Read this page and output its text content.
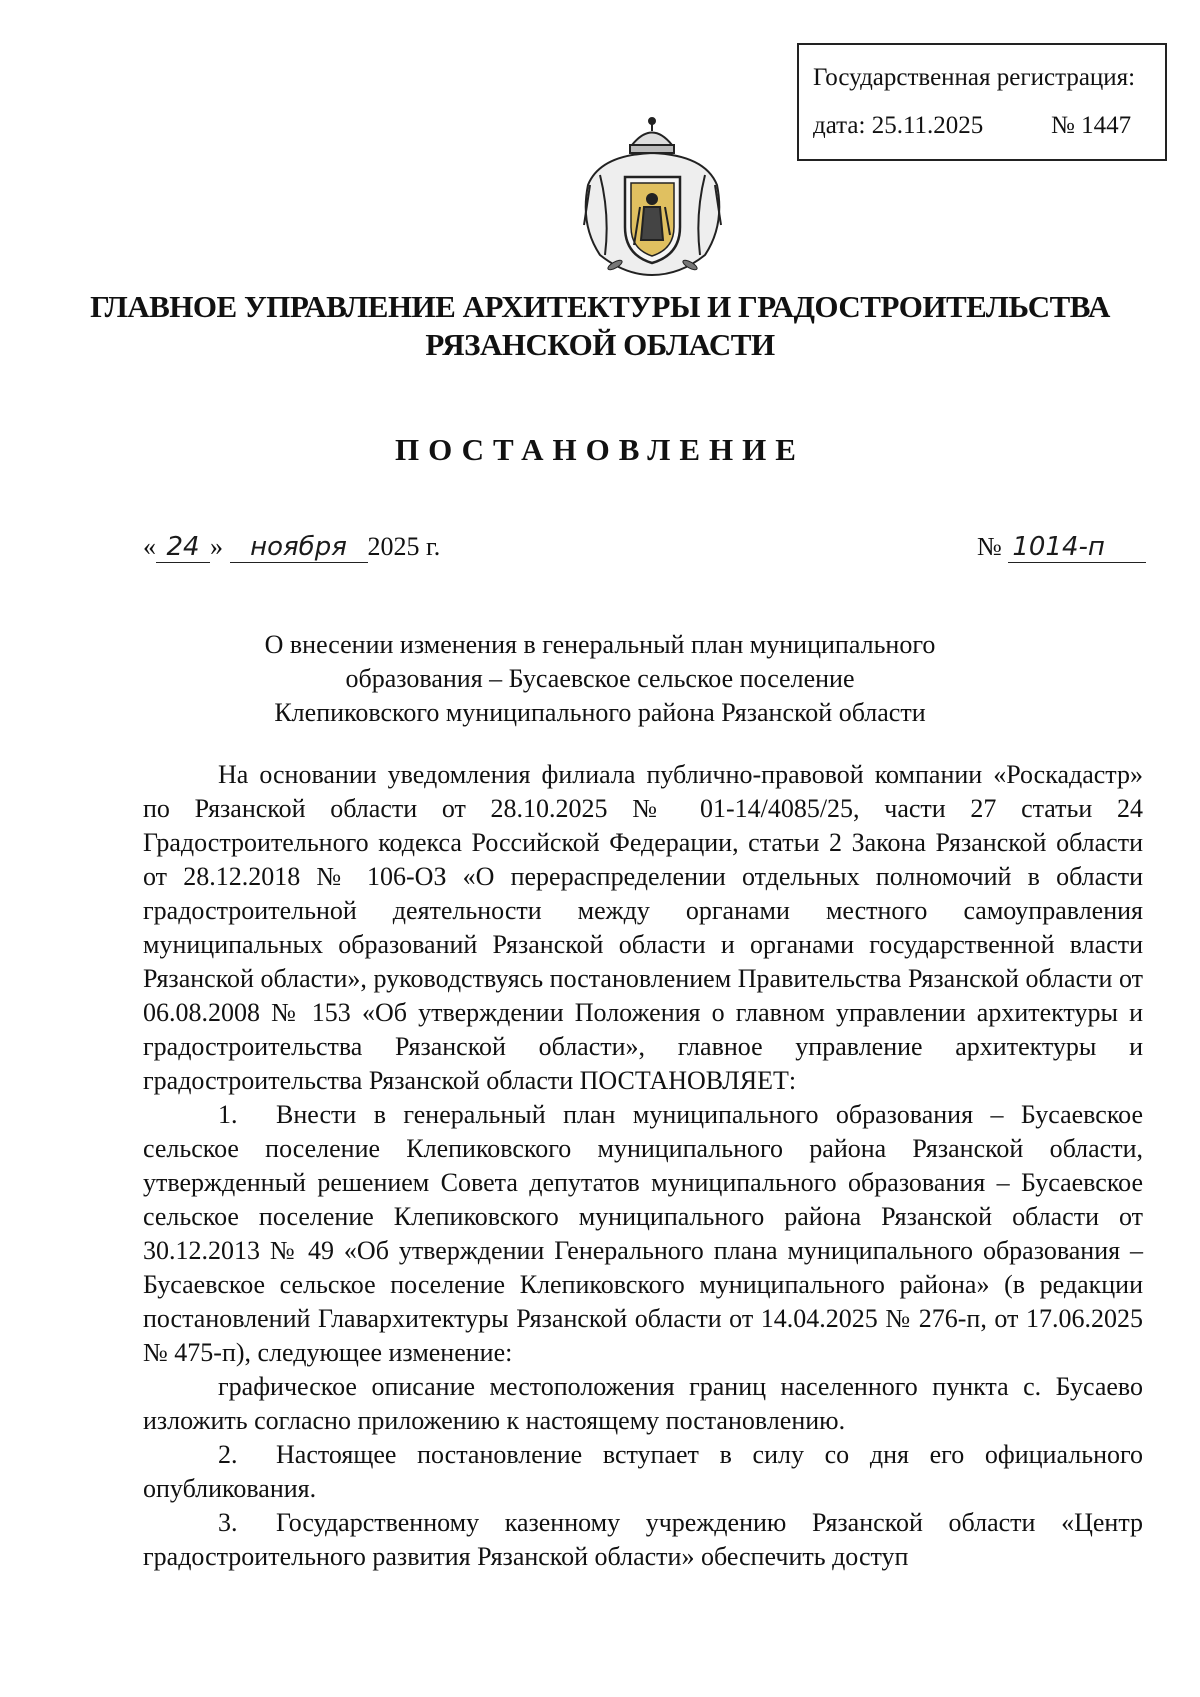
Государственная регистрация:
дата: 25.11.2025	№ 1447
ГЛАВНОЕ УПРАВЛЕНИЕ АРХИТЕКТУРЫ И ГРАДОСТРОИТЕЛЬСТВА
РЯЗАНСКОЙ ОБЛАСТИ
ПОСТАНОВЛЕНИЕ
« 24 » ноября 2025 г.	№ 1014-п
О внесении изменения в генеральный план муниципального
образования – Бусаевское сельское поселение
Клепиковского муниципального района Рязанской области

На основании уведомления филиала публично-правовой компании «Роскадастр» по Рязанской области от 28.10.2025 № 01-14/4085/25, части 27 статьи 24 Градостроительного кодекса Российской Федерации, статьи 2 Закона Рязанской области от 28.12.2018 № 106-ОЗ «О перераспределении отдельных полномочий в области градостроительной деятельности между органами местного самоуправления муниципальных образований Рязанской области и органами государственной власти Рязанской области», руководствуясь постановлением Правительства Рязанской области от 06.08.2008 № 153 «Об утверждении Положения о главном управлении архитектуры и градостроительства Рязанской области», главное управление архитектуры и градостроительства Рязанской области ПОСТАНОВЛЯЕТ:

1. Внести в генеральный план муниципального образования – Бусаевское сельское поселение Клепиковского муниципального района Рязанской области, утвержденный решением Совета депутатов муниципального образования – Бусаевское сельское поселение Клепиковского муниципального района Рязанской области от 30.12.2013 № 49 «Об утверждении Генерального плана муниципального образования – Бусаевское сельское поселение Клепиковского муниципального района» (в редакции постановлений Главархитектуры Рязанской области от 14.04.2025 № 276-п, от 17.06.2025 № 475-п), следующее изменение:

графическое описание местоположения границ населенного пункта с. Бусаево изложить согласно приложению к настоящему постановлению.

2. Настоящее постановление вступает в силу со дня его официального опубликования.

3. Государственному казенному учреждению Рязанской области «Центр градостроительного развития Рязанской области» обеспечить доступ
